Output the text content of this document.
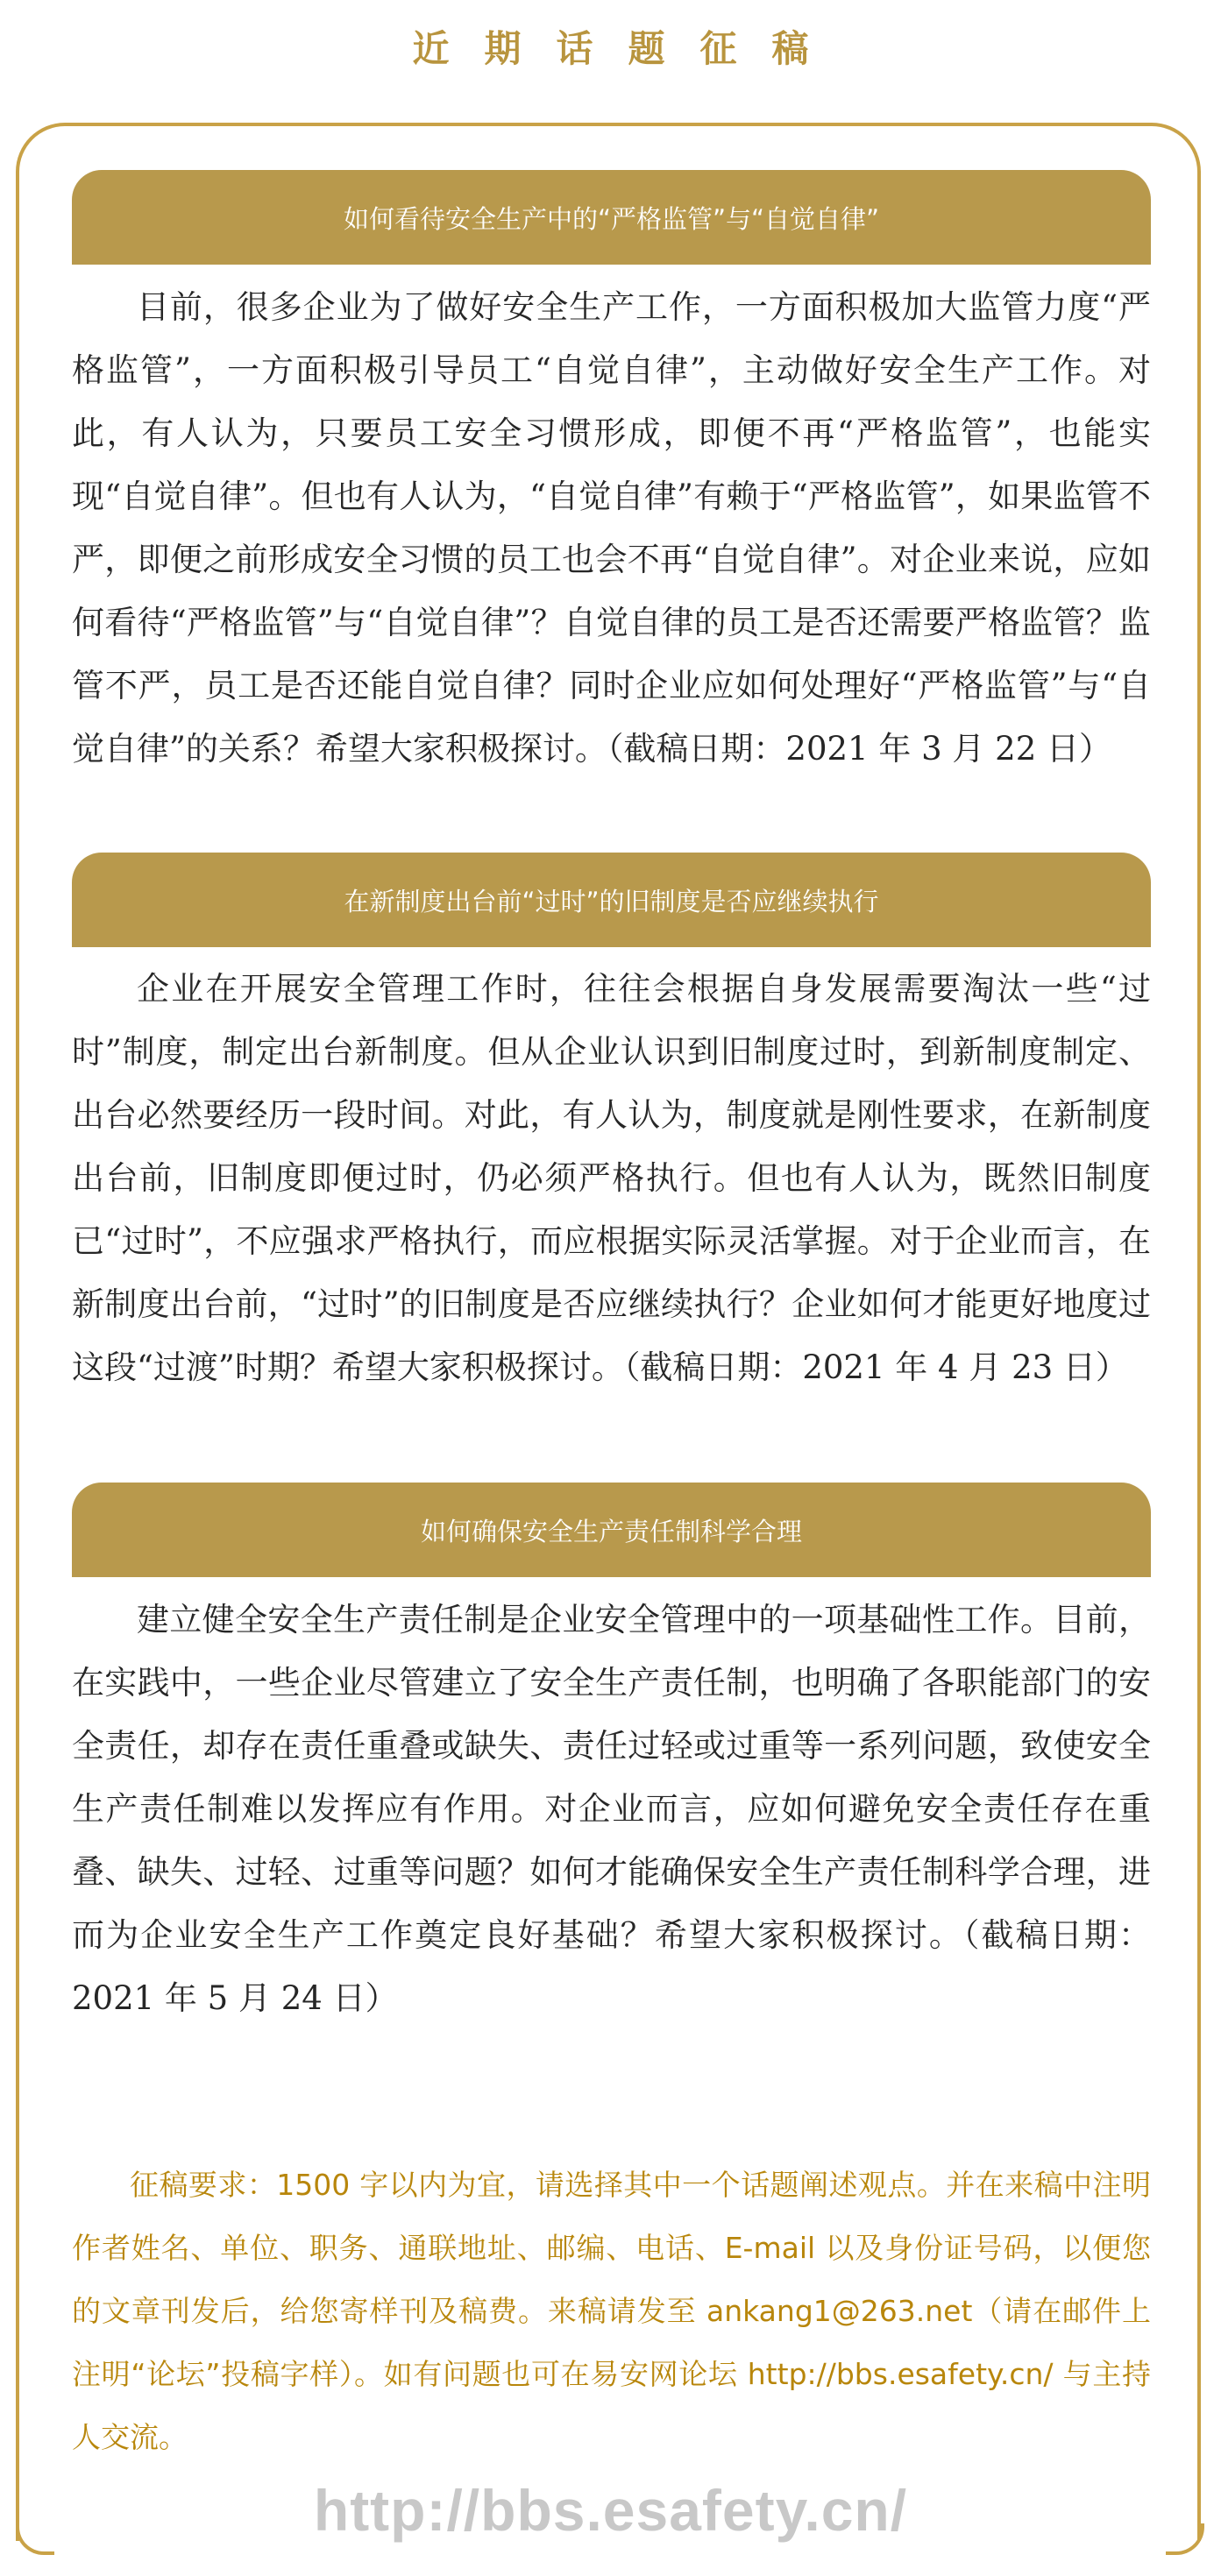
近期话题征稿
如何看待安全生产中的“严格监管”与“自觉自律”

目前，很多企业为了做好安全生产工作，一方面积极加大监管力度“严格监管”，一方面积极引导员工“自觉自律”，主动做好安全生产工作。对此，有人认为，只要员工安全习惯形成，即便不再“严格监管”，也能实现“自觉自律”。但也有人认为，“自觉自律”有赖于“严格监管”，如果监管不严，即便之前形成安全习惯的员工也会不再“自觉自律”。对企业来说，应如何看待“严格监管”与“自觉自律”？自觉自律的员工是否还需要严格监管？监管不严，员工是否还能自觉自律？同时企业应如何处理好“严格监管”与“自觉自律”的关系？希望大家积极探讨。（截稿日期：2021 年 3 月 22 日）

在新制度出台前“过时”的旧制度是否应继续执行

企业在开展安全管理工作时，往往会根据自身发展需要淘汰一些“过时”制度，制定出台新制度。但从企业认识到旧制度过时，到新制度制定、出台必然要经历一段时间。对此，有人认为，制度就是刚性要求，在新制度出台前，旧制度即便过时，仍必须严格执行。但也有人认为，既然旧制度已“过时”，不应强求严格执行，而应根据实际灵活掌握。对于企业而言，在新制度出台前，“过时”的旧制度是否应继续执行？企业如何才能更好地度过这段“过渡”时期？希望大家积极探讨。（截稿日期：2021 年 4 月 23 日）

如何确保安全生产责任制科学合理

建立健全安全生产责任制是企业安全管理中的一项基础性工作。目前，在实践中，一些企业尽管建立了安全生产责任制，也明确了各职能部门的安全责任，却存在责任重叠或缺失、责任过轻或过重等一系列问题，致使安全生产责任制难以发挥应有作用。对企业而言，应如何避免安全责任存在重叠、缺失、过轻、过重等问题？如何才能确保安全生产责任制科学合理，进而为企业安全生产工作奠定良好基础？希望大家积极探讨。（截稿日期：2021 年 5 月 24 日）

征稿要求：1500 字以内为宜，请选择其中一个话题阐述观点。并在来稿中注明作者姓名、单位、职务、通联地址、邮编、电话、E-mail 以及身份证号码，以便您的文章刊发后，给您寄样刊及稿费。来稿请发至 ankang1@263.net（请在邮件上注明“论坛”投稿字样）。如有问题也可在易安网论坛 http://bbs.esafety.cn/ 与主持人交流。

http://bbs.esafety.cn/
